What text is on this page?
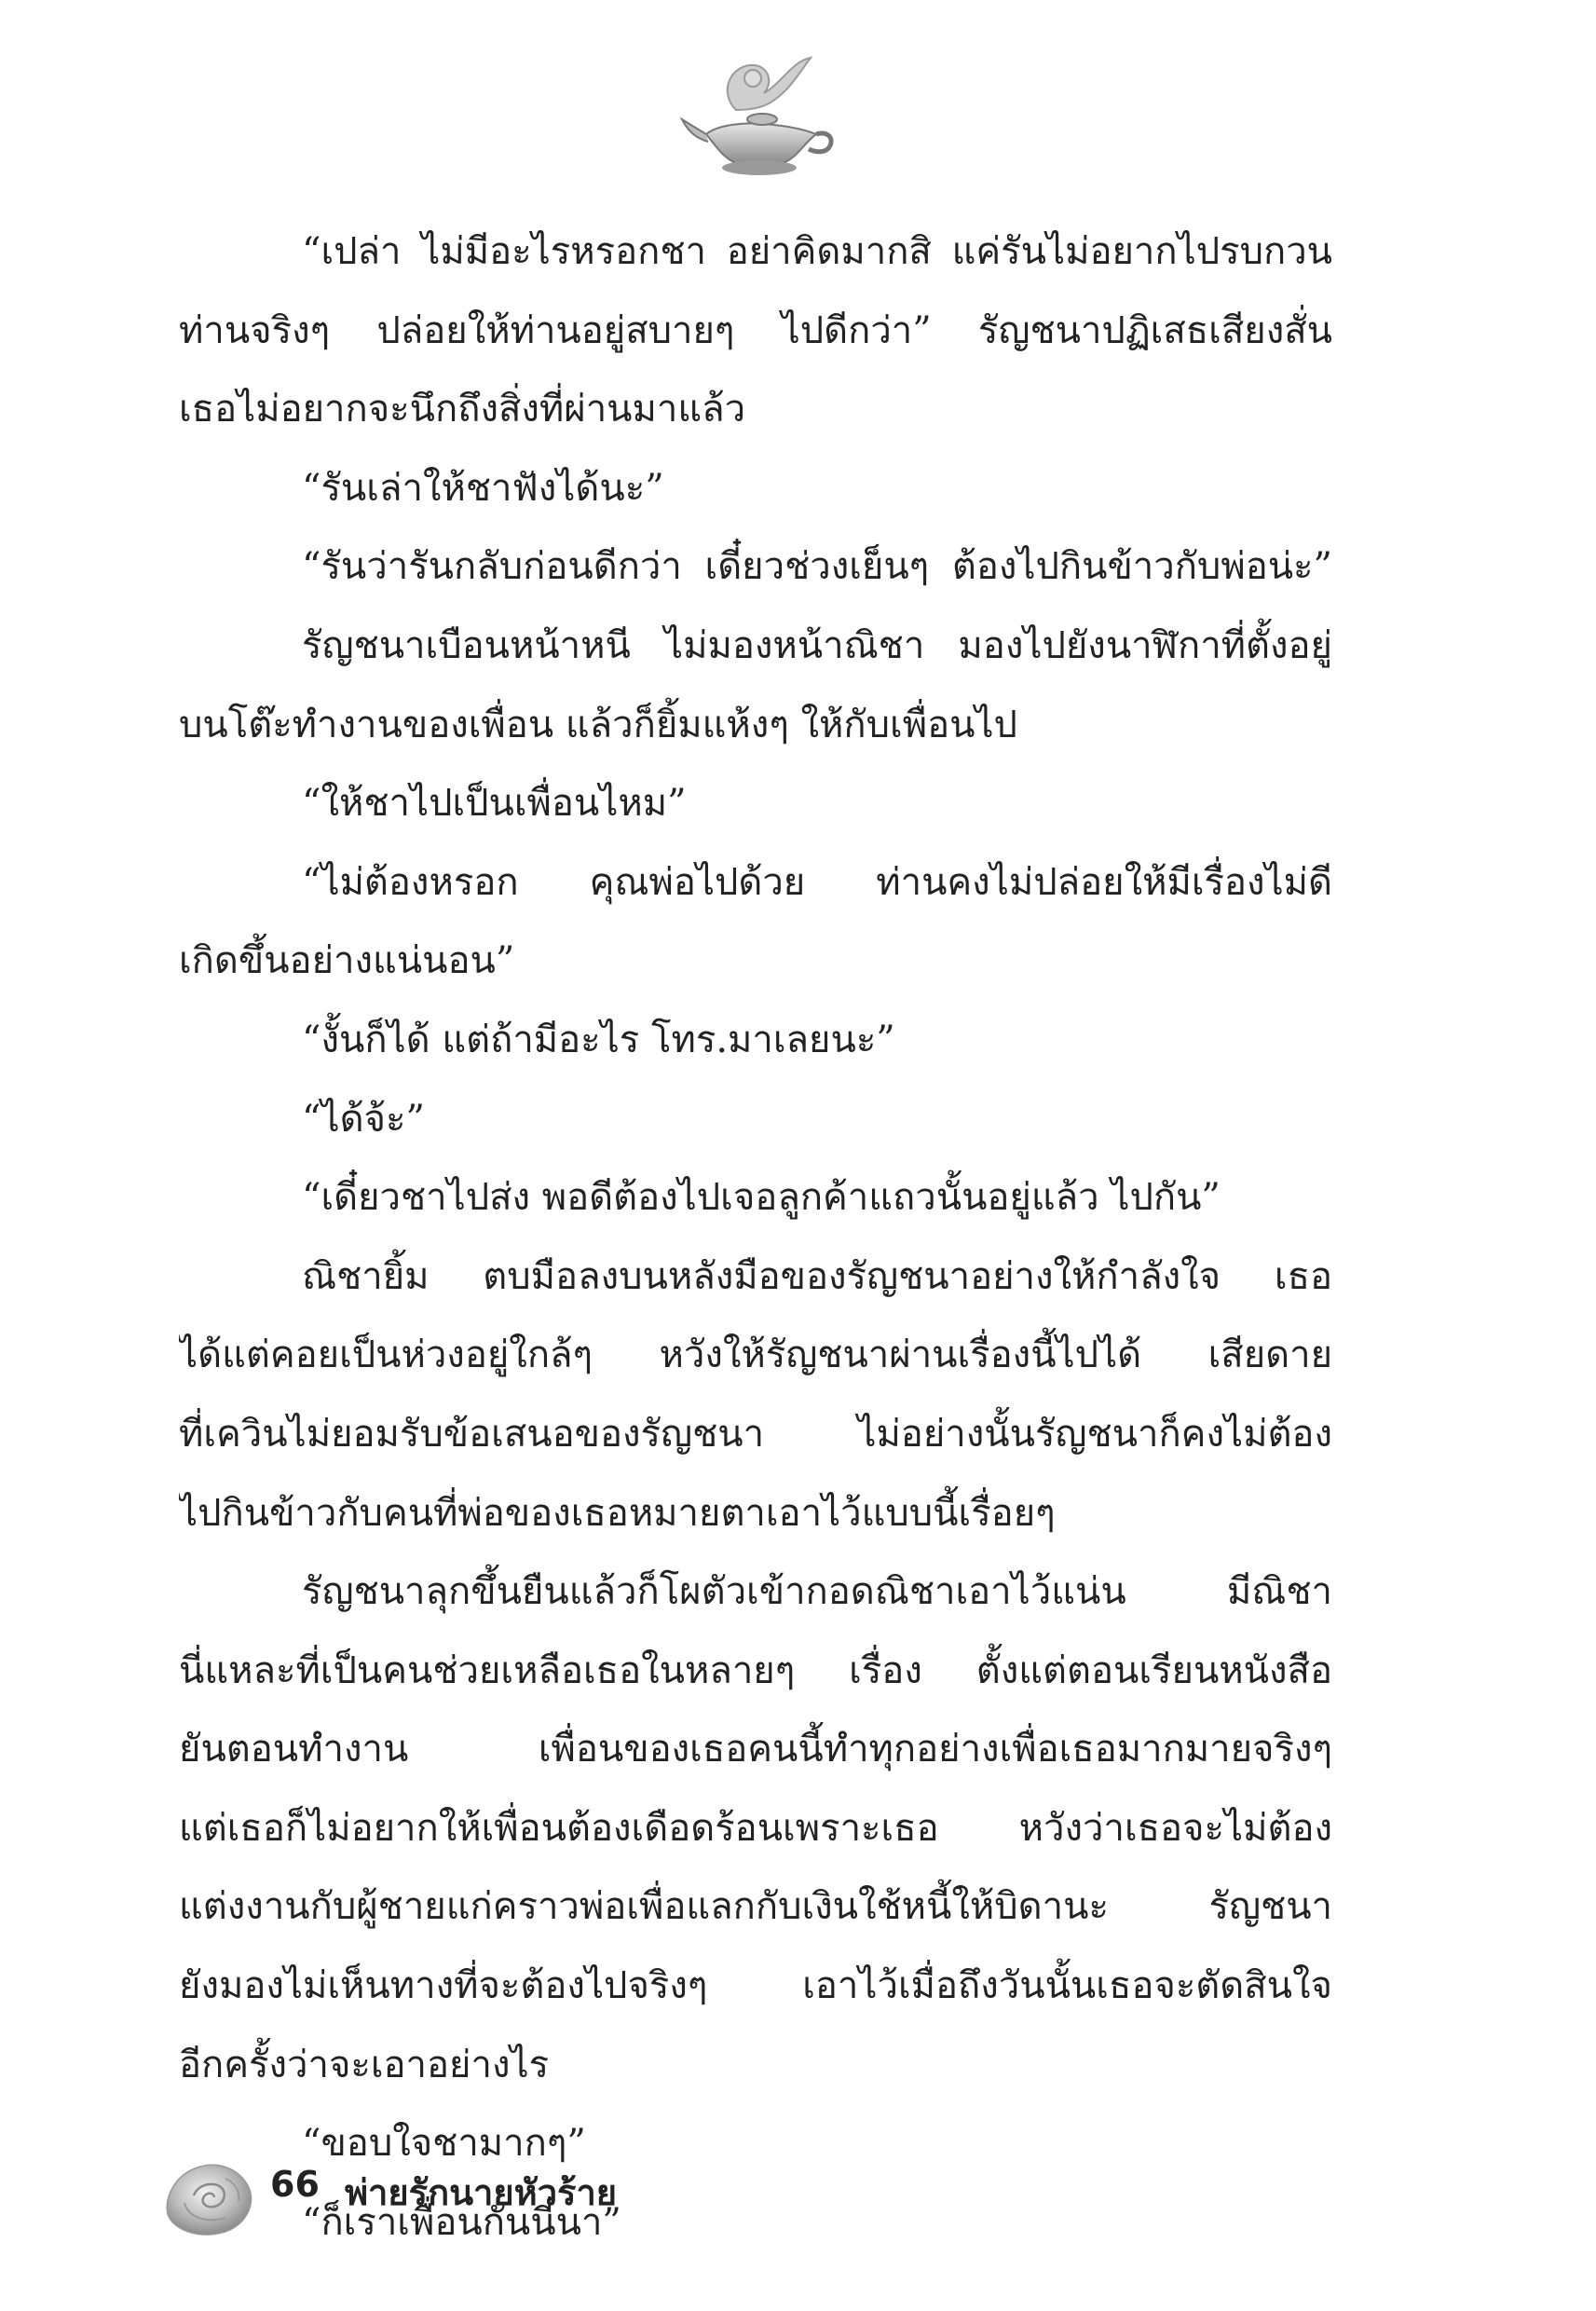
“เปล่า ไม่มีอะไรหรอกชา อย่าคิดมากสิ แค่รันไม่อยากไปรบกวน
ท่านจริงๆ ปล่อยให้ท่านอยู่สบายๆ ไปดีกว่า” รัญชนาปฏิเสธเสียงสั่น
เธอไม่อยากจะนึกถึงสิ่งที่ผ่านมาแล้ว
“รันเล่าให้ชาฟังได้นะ”
“รันว่ารันกลับก่อนดีกว่า เดี๋ยวช่วงเย็นๆ ต้องไปกินข้าวกับพ่อน่ะ”
รัญชนาเบือนหน้าหนี ไม่มองหน้าณิชา มองไปยังนาฬิกาที่ตั้งอยู่
บนโต๊ะทำงานของเพื่อน แล้วก็ยิ้มแห้งๆ ให้กับเพื่อนไป
“ให้ชาไปเป็นเพื่อนไหม”
“ไม่ต้องหรอก คุณพ่อไปด้วย ท่านคงไม่ปล่อยให้มีเรื่องไม่ดี
เกิดขึ้นอย่างแน่นอน”
“งั้นก็ได้ แต่ถ้ามีอะไร โทร.มาเลยนะ”
“ได้จ้ะ”
“เดี๋ยวชาไปส่ง พอดีต้องไปเจอลูกค้าแถวนั้นอยู่แล้ว ไปกัน”
ณิชายิ้ม ตบมือลงบนหลังมือของรัญชนาอย่างให้กำลังใจ เธอ
ได้แต่คอยเป็นห่วงอยู่ใกล้ๆ หวังให้รัญชนาผ่านเรื่องนี้ไปได้ เสียดาย
ที่เควินไม่ยอมรับข้อเสนอของรัญชนา ไม่อย่างนั้นรัญชนาก็คงไม่ต้อง
ไปกินข้าวกับคนที่พ่อของเธอหมายตาเอาไว้แบบนี้เรื่อยๆ
รัญชนาลุกขึ้นยืนแล้วก็โผตัวเข้ากอดณิชาเอาไว้แน่น มีณิชา
นี่แหละที่เป็นคนช่วยเหลือเธอในหลายๆ เรื่อง ตั้งแต่ตอนเรียนหนังสือ
ยันตอนทำงาน เพื่อนของเธอคนนี้ทำทุกอย่างเพื่อเธอมากมายจริงๆ
แต่เธอก็ไม่อยากให้เพื่อนต้องเดือดร้อนเพราะเธอ หวังว่าเธอจะไม่ต้อง
แต่งงานกับผู้ชายแก่คราวพ่อเพื่อแลกกับเงินใช้หนี้ให้บิดานะ รัญชนา
ยังมองไม่เห็นทางที่จะต้องไปจริงๆ เอาไว้เมื่อถึงวันนั้นเธอจะตัดสินใจ
อีกครั้งว่าจะเอาอย่างไร
“ขอบใจชามากๆ”
“ก็เราเพื่อนกันนี่นา”
66 พ่ายรักนายหัวร้าย
